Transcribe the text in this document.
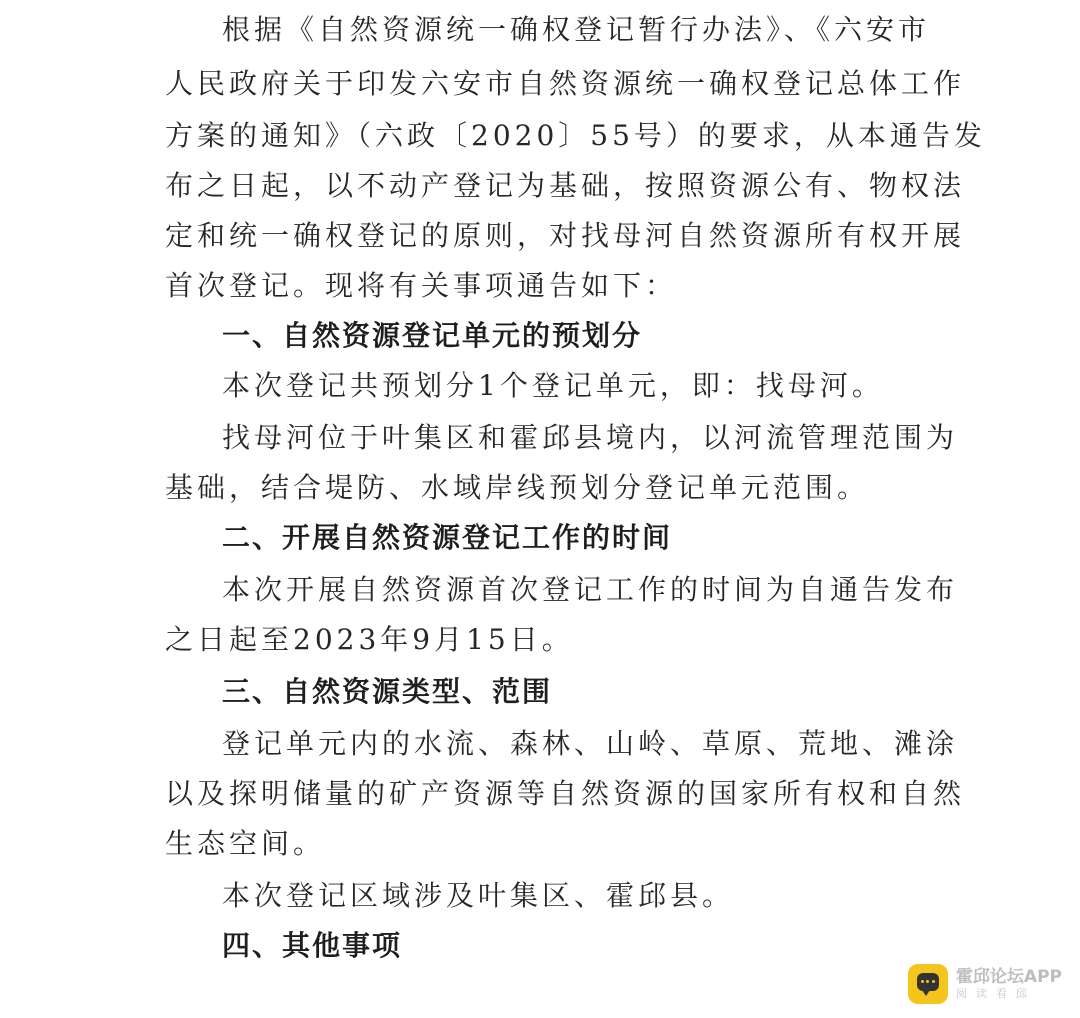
根据《自然资源统一确权登记暂行办法》、《六安市
人民政府关于印发六安市自然资源统一确权登记总体工作
方案的通知》（六政〔2020〕55号）的要求，从本通告发
布之日起，以不动产登记为基础，按照资源公有、物权法
定和统一确权登记的原则，对找母河自然资源所有权开展
首次登记。现将有关事项通告如下：
一、自然资源登记单元的预划分
本次登记共预划分1个登记单元，即：找母河。
找母河位于叶集区和霍邱县境内，以河流管理范围为
基础，结合堤防、水域岸线预划分登记单元范围。
二、开展自然资源登记工作的时间
本次开展自然资源首次登记工作的时间为自通告发布
之日起至2023年9月15日。
三、自然资源类型、范围
登记单元内的水流、森林、山岭、草原、荒地、滩涂
以及探明储量的矿产资源等自然资源的国家所有权和自然
生态空间。
本次登记区域涉及叶集区、霍邱县。
四、其他事项
霍邱论坛APP
阅读看邱
